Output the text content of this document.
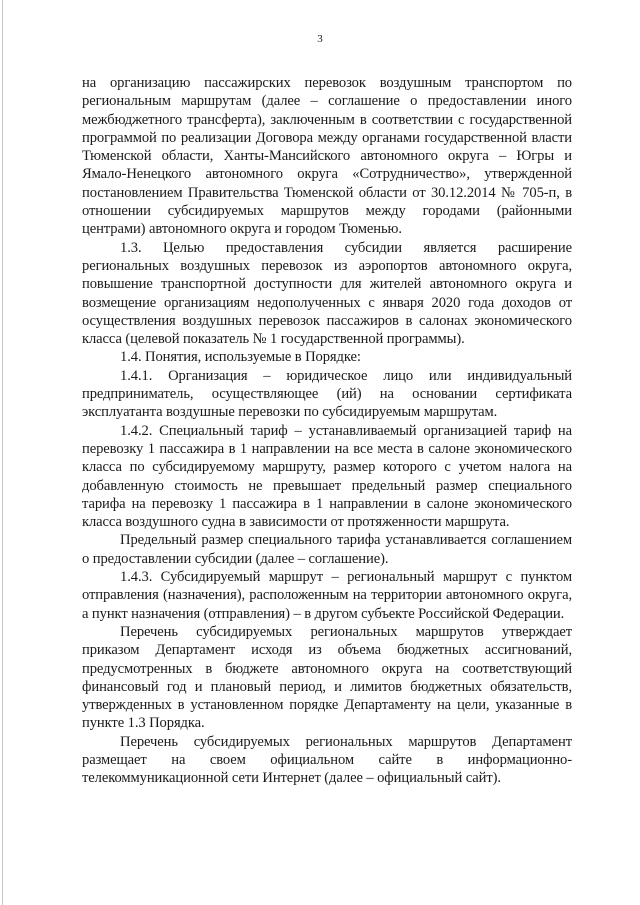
3

на организацию пассажирских перевозок воздушным транспортом по региональным маршрутам (далее – соглашение о предоставлении иного межбюджетного трансферта), заключенным в соответствии с государственной программой по реализации Договора между органами государственной власти Тюменской области, Ханты-Мансийского автономного округа – Югры и Ямало-Ненецкого автономного округа «Сотрудничество», утвержденной постановлением Правительства Тюменской области от 30.12.2014 № 705-п, в отношении субсидируемых маршрутов между городами (районными центрами) автономного округа и городом Тюменью.

1.3. Целью предоставления субсидии является расширение региональных воздушных перевозок из аэропортов автономного округа, повышение транспортной доступности для жителей автономного округа и возмещение организациям недополученных с января 2020 года доходов от осуществления воздушных перевозок пассажиров в салонах экономического класса (целевой показатель № 1 государственной программы).

1.4. Понятия, используемые в Порядке:

1.4.1. Организация – юридическое лицо или индивидуальный предприниматель, осуществляющее (ий) на основании сертификата эксплуатанта воздушные перевозки по субсидируемым маршрутам.

1.4.2. Специальный тариф – устанавливаемый организацией тариф на перевозку 1 пассажира в 1 направлении на все места в салоне экономического класса по субсидируемому маршруту, размер которого с учетом налога на добавленную стоимость не превышает предельный размер специального тарифа на перевозку 1 пассажира в 1 направлении в салоне экономического класса воздушного судна в зависимости от протяженности маршрута.

Предельный размер специального тарифа устанавливается соглашением о предоставлении субсидии (далее – соглашение).

1.4.3. Субсидируемый маршрут – региональный маршрут с пунктом отправления (назначения), расположенным на территории автономного округа, а пункт назначения (отправления) – в другом субъекте Российской Федерации.

Перечень субсидируемых региональных маршрутов утверждает приказом Департамент исходя из объема бюджетных ассигнований, предусмотренных в бюджете автономного округа на соответствующий финансовый год и плановый период, и лимитов бюджетных обязательств, утвержденных в установленном порядке Департаменту на цели, указанные в пункте 1.3 Порядка.

Перечень субсидируемых региональных маршрутов Департамент размещает на своем официальном сайте в информационно-телекоммуникационной сети Интернет (далее – официальный сайт).
